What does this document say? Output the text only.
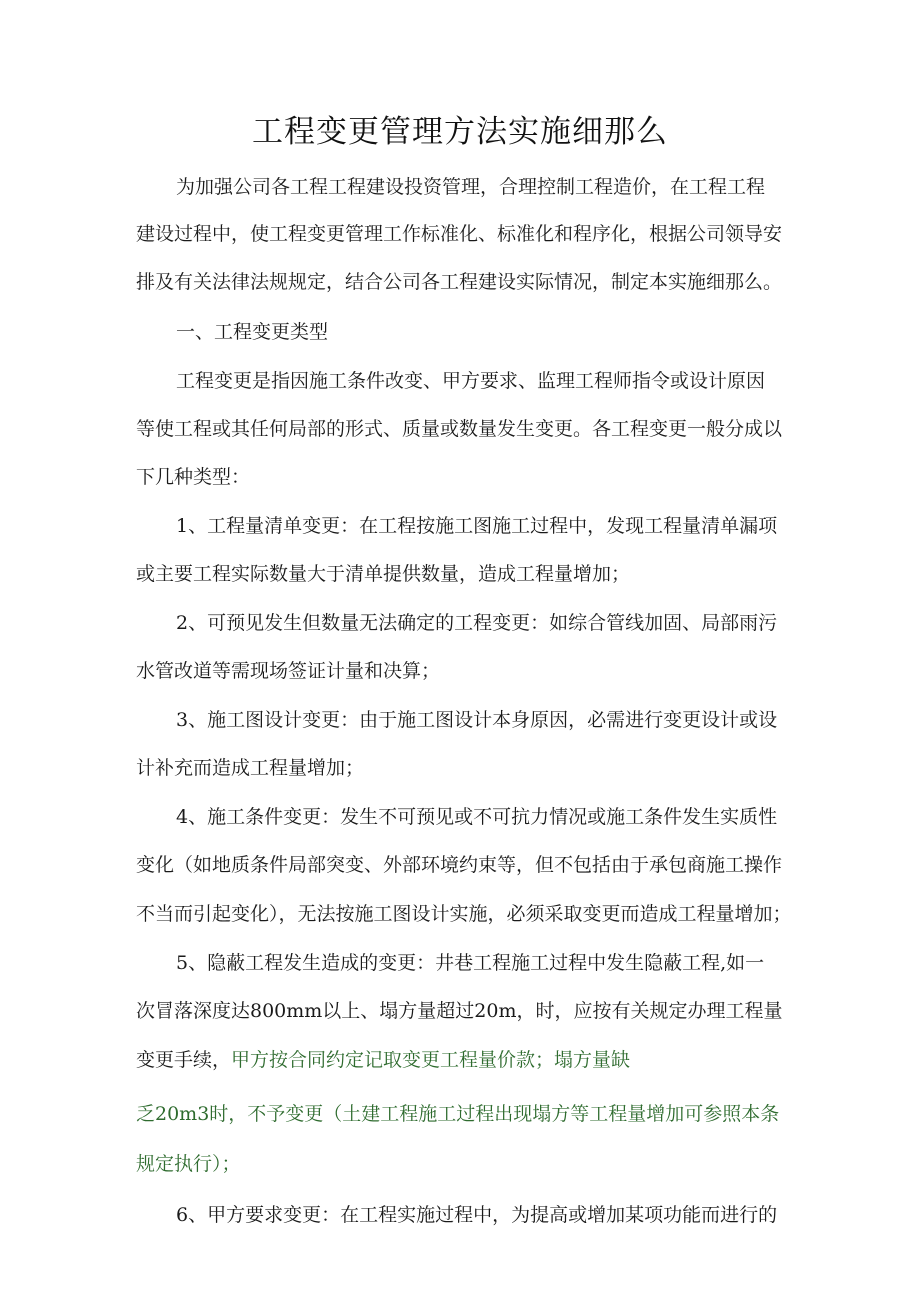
工程变更管理方法实施细那么
为加强公司各工程工程建设投资管理，合理控制工程造价，在工程工程
建设过程中，使工程变更管理工作标准化、标准化和程序化，根据公司领导安
排及有关法律法规规定，结合公司各工程建设实际情况，制定本实施细那么。
一、工程变更类型
工程变更是指因施工条件改变、甲方要求、监理工程师指令或设计原因
等使工程或其任何局部的形式、质量或数量发生变更。各工程变更一般分成以
下几种类型：
1、工程量清单变更：在工程按施工图施工过程中，发现工程量清单漏项
或主要工程实际数量大于清单提供数量，造成工程量增加；
2、可预见发生但数量无法确定的工程变更：如综合管线加固、局部雨污
水管改道等需现场签证计量和决算；
3、施工图设计变更：由于施工图设计本身原因，必需进行变更设计或设
计补充而造成工程量增加；
4、施工条件变更：发生不可预见或不可抗力情况或施工条件发生实质性
变化（如地质条件局部突变、外部环境约束等，但不包括由于承包商施工操作
不当而引起变化），无法按施工图设计实施，必须采取变更而造成工程量增加；
5、隐蔽工程发生造成的变更：井巷工程施工过程中发生隐蔽工程,如一
次冒落深度达800mm以上、塌方量超过20m，时，应按有关规定办理工程量
变更手续，甲方按合同约定记取变更工程量价款；塌方量缺
乏20m3时，不予变更（土建工程施工过程出现塌方等工程量增加可参照本条
规定执行）；
6、甲方要求变更：在工程实施过程中，为提高或增加某项功能而进行的
